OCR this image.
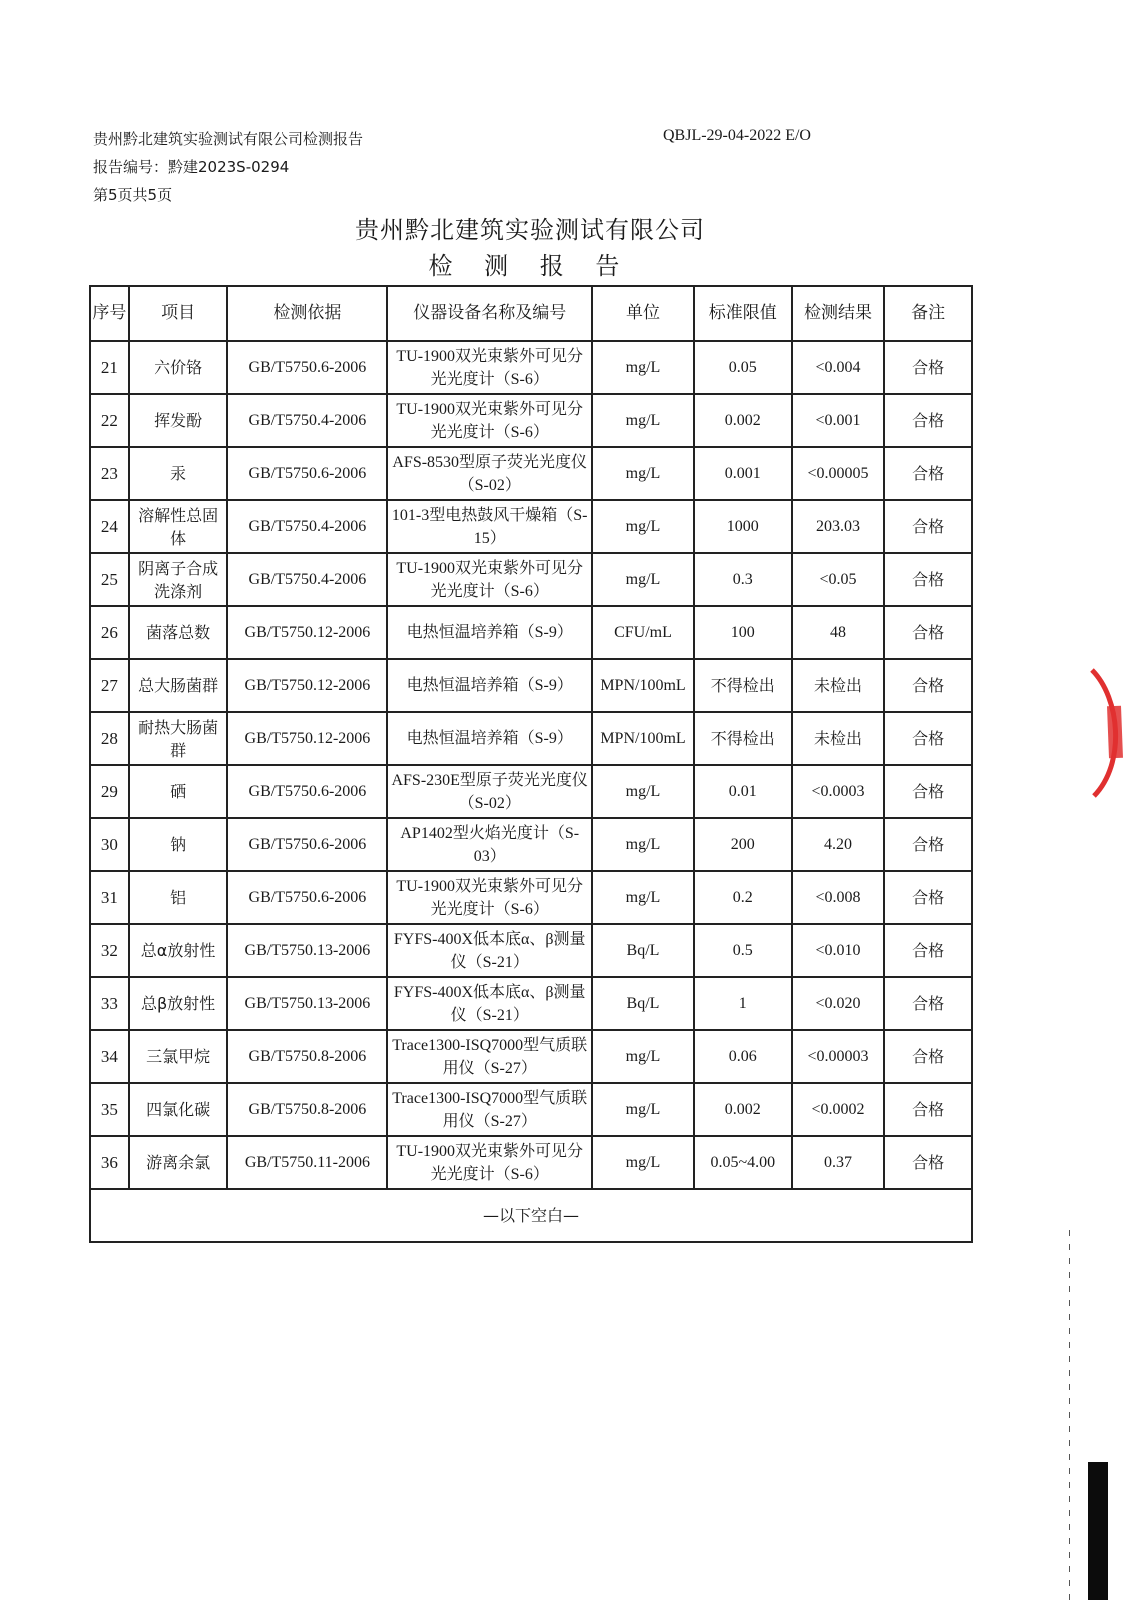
贵州黔北建筑实验测试有限公司检测报告	QBJL-29-04-2022 E/O
报告编号：黔建2023S-0294
第5页共5页
贵州黔北建筑实验测试有限公司
检 测 报 告
序号	项目	检测依据	仪器设备名称及编号	单位	标准限值	检测结果	备注
21	六价铬	GB/T5750.6-2006	TU-1900双光束紫外可见分光光度计（S-6）	mg/L	0.05	<0.004	合格
22	挥发酚	GB/T5750.4-2006	TU-1900双光束紫外可见分光光度计（S-6）	mg/L	0.002	<0.001	合格
23	汞	GB/T5750.6-2006	AFS-8530型原子荧光光度仪（S-02）	mg/L	0.001	<0.00005	合格
24	溶解性总固体	GB/T5750.4-2006	101-3型电热鼓风干燥箱（S-15）	mg/L	1000	203.03	合格
25	阴离子合成洗涤剂	GB/T5750.4-2006	TU-1900双光束紫外可见分光光度计（S-6）	mg/L	0.3	<0.05	合格
26	菌落总数	GB/T5750.12-2006	电热恒温培养箱（S-9）	CFU/mL	100	48	合格
27	总大肠菌群	GB/T5750.12-2006	电热恒温培养箱（S-9）	MPN/100mL	不得检出	未检出	合格
28	耐热大肠菌群	GB/T5750.12-2006	电热恒温培养箱（S-9）	MPN/100mL	不得检出	未检出	合格
29	硒	GB/T5750.6-2006	AFS-230E型原子荧光光度仪（S-02）	mg/L	0.01	<0.0003	合格
30	钠	GB/T5750.6-2006	AP1402型火焰光度计（S-03）	mg/L	200	4.20	合格
31	铝	GB/T5750.6-2006	TU-1900双光束紫外可见分光光度计（S-6）	mg/L	0.2	<0.008	合格
32	总α放射性	GB/T5750.13-2006	FYFS-400X低本底α、β测量仪（S-21）	Bq/L	0.5	<0.010	合格
33	总β放射性	GB/T5750.13-2006	FYFS-400X低本底α、β测量仪（S-21）	Bq/L	1	<0.020	合格
34	三氯甲烷	GB/T5750.8-2006	Trace1300-ISQ7000型气质联用仪（S-27）	mg/L	0.06	<0.00003	合格
35	四氯化碳	GB/T5750.8-2006	Trace1300-ISQ7000型气质联用仪（S-27）	mg/L	0.002	<0.0002	合格
36	游离余氯	GB/T5750.11-2006	TU-1900双光束紫外可见分光光度计（S-6）	mg/L	0.05~4.00	0.37	合格
—以下空白—							
